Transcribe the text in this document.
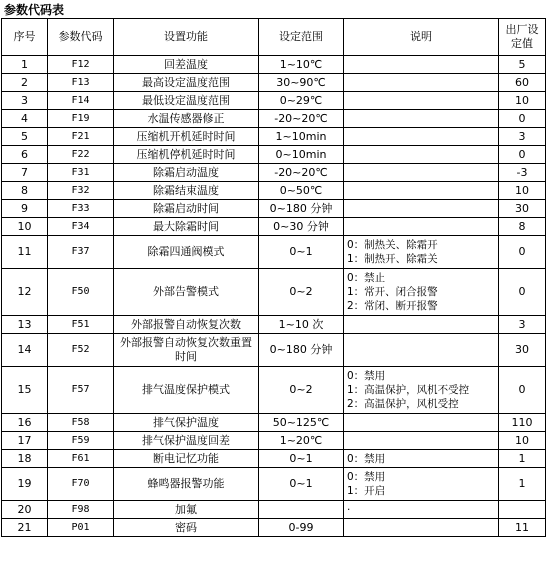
参数代码表
序号	参数代码	设置功能	设定范围	说明	出厂设定值
1	F12	回差温度	1~10℃		5
2	F13	最高设定温度范围	30~90℃		60
3	F14	最低设定温度范围	0~29℃		10
4	F19	水温传感器修正	-20~20℃		0
5	F21	压缩机开机延时时间	1~10min		3
6	F22	压缩机停机延时时间	0~10min		0
7	F31	除霜启动温度	-20~20℃		-3
8	F32	除霜结束温度	0~50℃		10
9	F33	除霜启动时间	0~180 分钟		30
10	F34	最大除霜时间	0~30 分钟		8
11	F37	除霜四通阀模式	0~1	0：制热关、除霜开
1：制热开、除霜关	0
12	F50	外部告警模式	0~2	0：禁止
1：常开、闭合报警
2：常闭、断开报警	0
13	F51	外部报警自动恢复次数	1~10 次		3
14	F52	外部报警自动恢复次数重置时间	0~180 分钟		30
15	F57	排气温度保护模式	0~2	0：禁用
1：高温保护，风机不受控
2：高温保护，风机受控	0
16	F58	排气保护温度	50~125℃		110
17	F59	排气保护温度回差	1~20℃		10
18	F61	断电记忆功能	0~1	0：禁用	1
19	F70	蜂鸣器报警功能	0~1	0：禁用
1：开启	1
20	F98	加氟		·	
21	P01	密码	0-99		11
